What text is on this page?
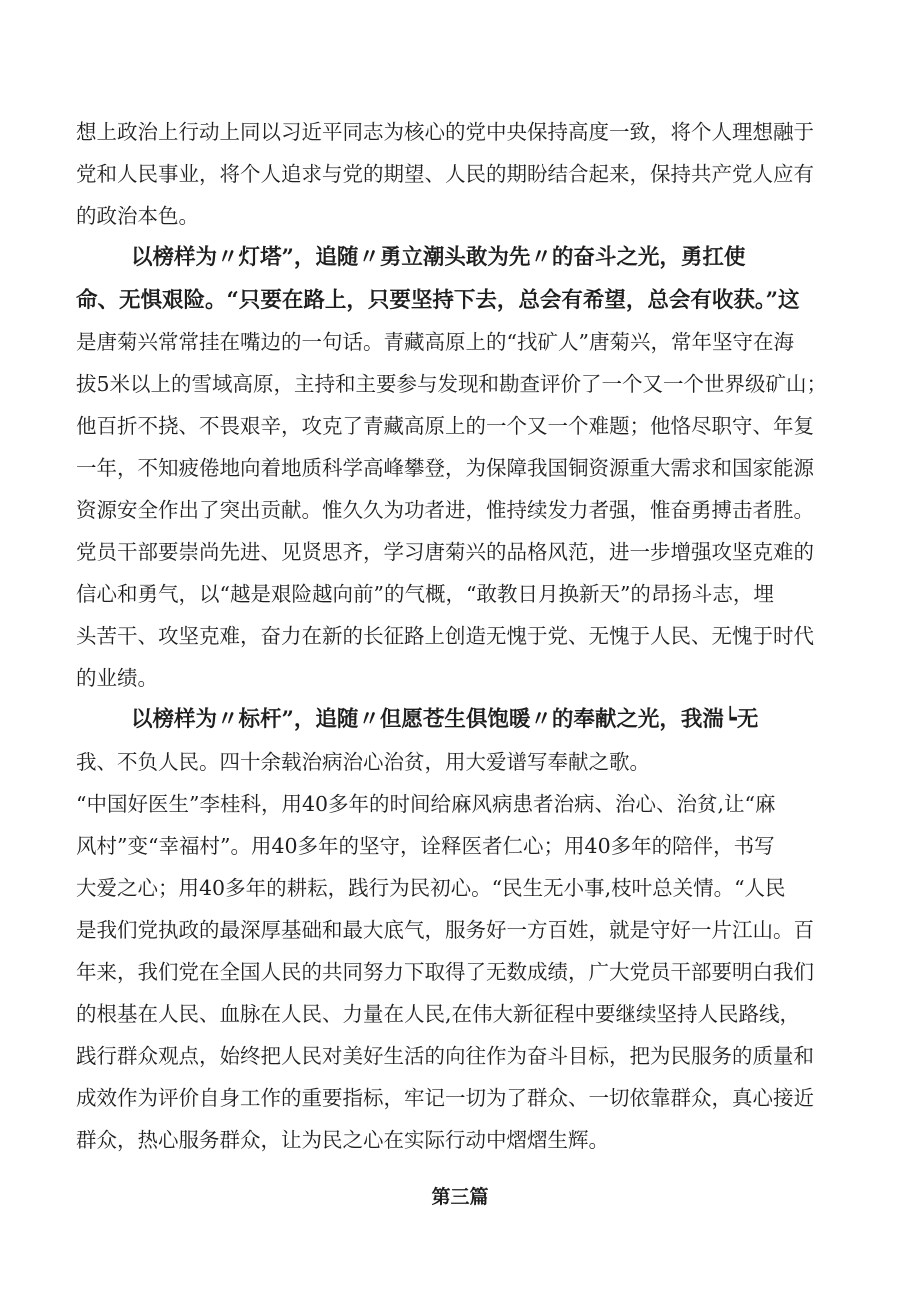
想上政治上行动上同以习近平同志为核心的党中央保持高度一致，将个人理想融于
党和人民事业，将个人追求与党的期望、人民的期盼结合起来，保持共产党人应有
的政治本色。
以榜样为〃灯塔”，追随〃勇立潮头敢为先〃的奋斗之光，勇扛使
命、无惧艰险。“只要在路上，只要坚持下去，总会有希望，总会有收获。”这
是唐菊兴常常挂在嘴边的一句话。青藏高原上的“找矿人”唐菊兴，常年坚守在海
拔5米以上的雪域高原，主持和主要参与发现和勘查评价了一个又一个世界级矿山；
他百折不挠、不畏艰辛，攻克了青藏高原上的一个又一个难题；他恪尽职守、年复
一年，不知疲倦地向着地质科学高峰攀登，为保障我国铜资源重大需求和国家能源
资源安全作出了突出贡献。惟久久为功者进，惟持续发力者强，惟奋勇搏击者胜。
党员干部要崇尚先进、见贤思齐，学习唐菊兴的品格风范，进一步增强攻坚克难的
信心和勇气，以“越是艰险越向前”的气概，“敢教日月换新天”的昂扬斗志，埋
头苦干、攻坚克难，奋力在新的长征路上创造无愧于党、无愧于人民、无愧于时代
的业绩。
以榜样为〃标杆”，追随〃但愿苍生俱饱暖〃的奉献之光，我湍┕无
我、不负人民。四十余载治病治心治贫，用大爱谱写奉献之歌。
“中国好医生”李桂科，用40多年的时间给麻风病患者治病、治心、治贫,让“麻
风村”变“幸福村”。用40多年的坚守，诠释医者仁心；用40多年的陪伴，书写
大爱之心；用40多年的耕耘，践行为民初心。“民生无小事,枝叶总关情。“人民
是我们党执政的最深厚基础和最大底气，服务好一方百姓，就是守好一片江山。百
年来，我们党在全国人民的共同努力下取得了无数成绩，广大党员干部要明白我们
的根基在人民、血脉在人民、力量在人民,在伟大新征程中要继续坚持人民路线，
践行群众观点，始终把人民对美好生活的向往作为奋斗目标，把为民服务的质量和
成效作为评价自身工作的重要指标，牢记一切为了群众、一切依靠群众，真心接近
群众，热心服务群众，让为民之心在实际行动中熠熠生辉。
第三篇
